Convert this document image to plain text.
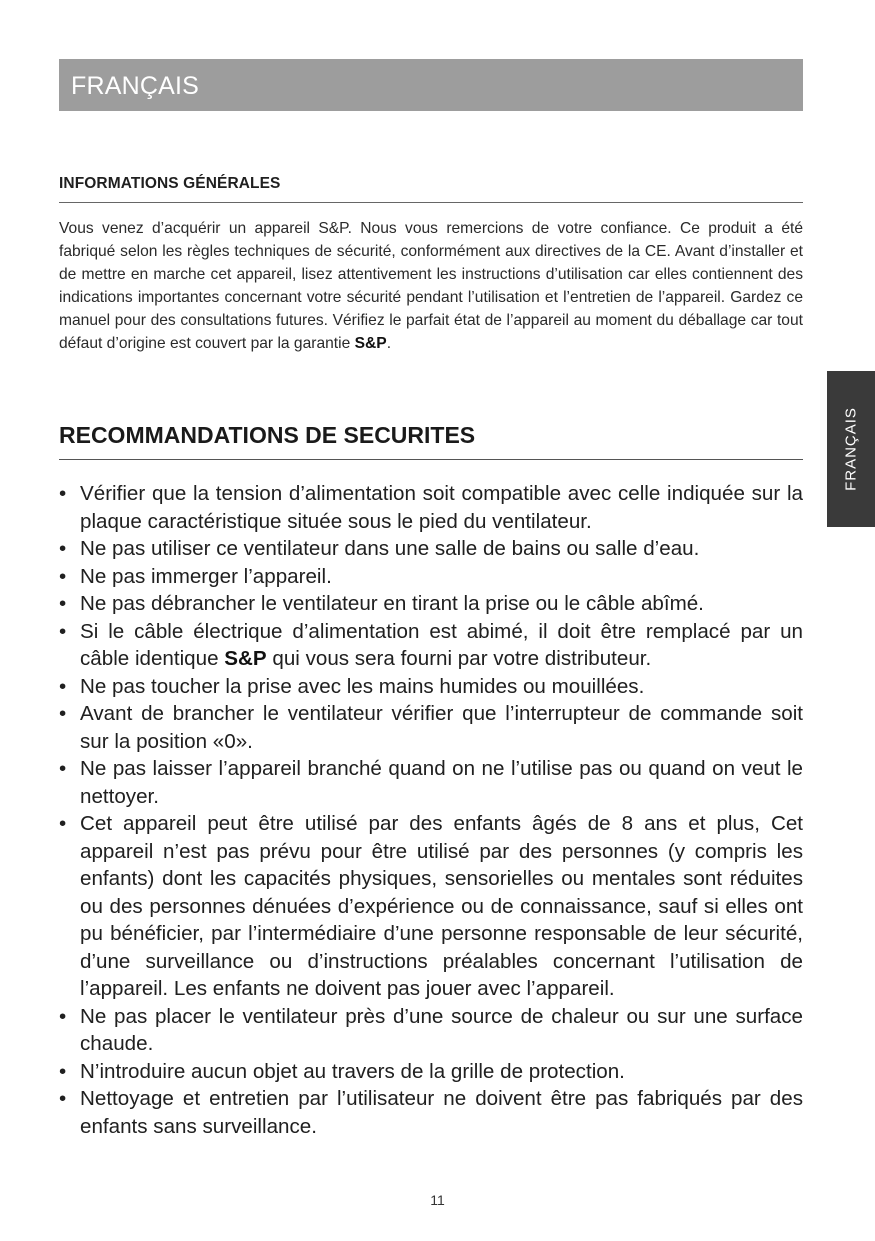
FRANÇAIS
FRANÇAIS
INFORMATIONS GÉNÉRALES

Vous venez d’acquérir un appareil S&P. Nous vous remercions de votre confiance. Ce produit a été fabriqué selon les règles techniques de sécurité, conformément aux directives de la CE. Avant d’installer et de mettre en marche cet appareil, lisez attentivement les instructions d’utilisation car elles contiennent des indications importantes concernant votre sécurité pendant l’utilisation et l’entretien de l’appareil. Gardez ce manuel pour des consultations futures. Vérifiez le parfait état de l’appareil au moment du déballage car tout défaut d’origine est couvert par la garantie S&P.

RECOMMANDATIONS DE SECURITES
• Vérifier que la tension d’alimentation soit compatible avec celle indiquée sur la plaque caractéristique située sous le pied du ventilateur.
• Ne pas utiliser ce ventilateur dans une salle de bains ou salle d’eau.
• Ne pas immerger l’appareil.
• Ne pas débrancher le ventilateur en tirant la prise ou le câble abîmé.
• Si le câble électrique d’alimentation est abimé, il doit être remplacé par un câble identique S&P qui vous sera fourni par votre distributeur.
• Ne pas toucher la prise avec les mains humides ou mouillées.
• Avant de brancher le ventilateur vérifier que l’interrupteur de commande soit sur la position «0».
• Ne pas laisser l’appareil branché quand on ne l’utilise pas ou quand on veut le nettoyer.
• Cet appareil peut être utilisé par des enfants âgés de 8 ans et plus, Cet appareil n’est pas prévu pour être utilisé par des personnes (y compris les enfants) dont les capacités physiques, sensorielles ou mentales sont réduites ou des personnes dénuées d’expérience ou de connaissance, sauf si elles ont pu bénéficier, par l’intermédiaire d’une personne responsable de leur sécurité, d’une surveillance ou d’instructions préalables concernant l’utilisation de l’appareil. Les enfants ne doivent pas jouer avec l’appareil.
• Ne pas placer le ventilateur près d’une source de chaleur ou sur une surface chaude.
• N’introduire aucun objet au travers de la grille de protection.
• Nettoyage et entretien par l’utilisateur ne doivent être pas fabriqués par des enfants sans surveillance.
11
